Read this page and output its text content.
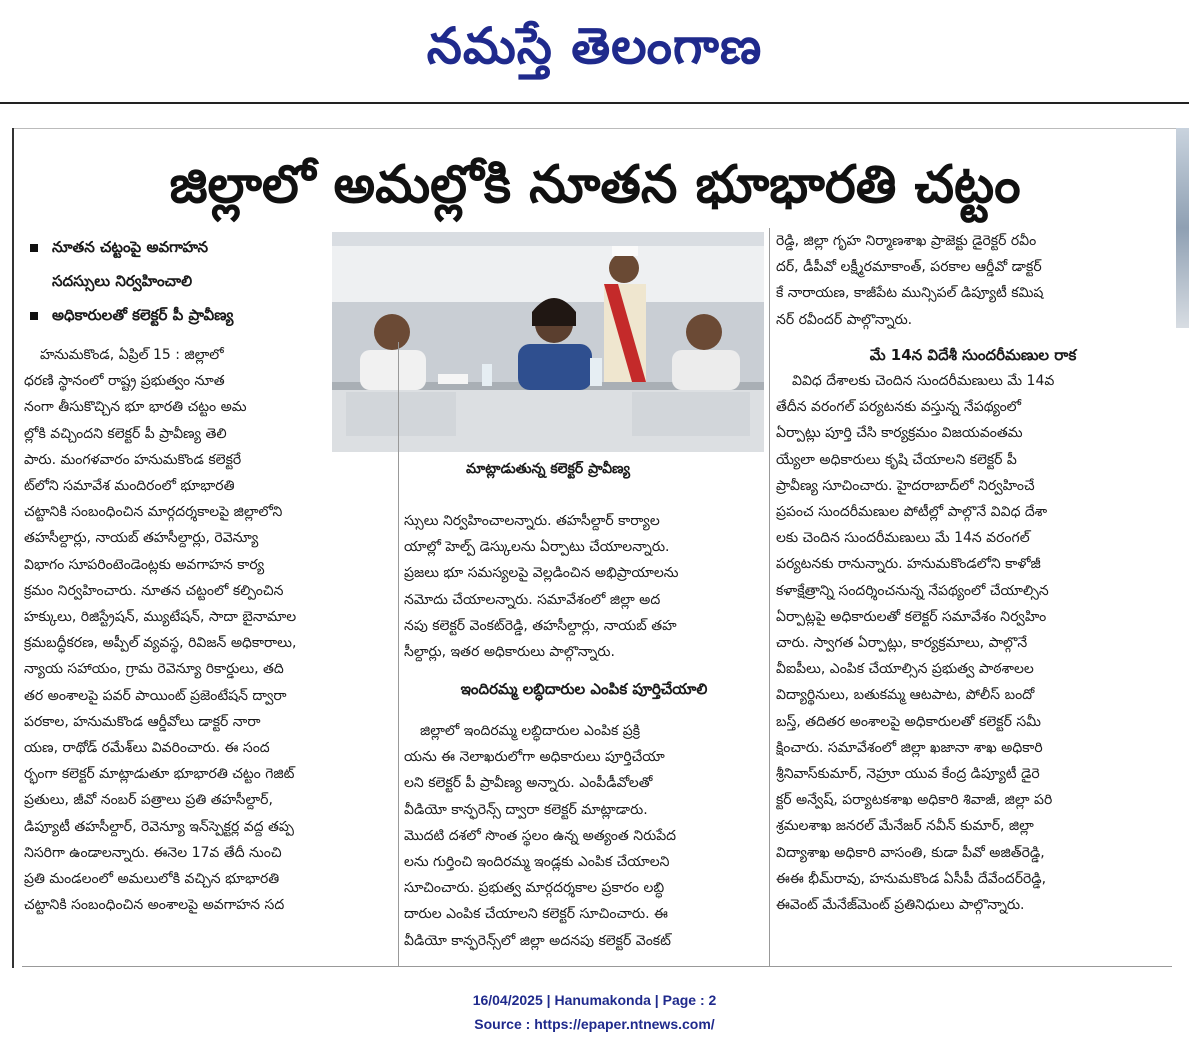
నమస్తే తెలంగాణ
జిల్లాలో అమల్లోకి నూతన భూభారతి చట్టం
నూతన చట్టంపై అవగాహన
సదస్సులు నిర్వహించాలి
అధికారులతో కలెక్టర్ పీ ప్రావీణ్య
మాట్లాడుతున్న కలెక్టర్ ప్రావీణ్య
హనుమకొండ, ఏప్రిల్ 15 : జిల్లాలో
ధరణి స్థానంలో రాష్ట్ర ప్రభుత్వం నూత
నంగా తీసుకొచ్చిన భూ భారతి చట్టం అమ
ల్లోకి వచ్చిందని కలెక్టర్ పీ ప్రావీణ్య తెలి
పారు. మంగళవారం హనుమకొండ కలెక్టరే
ట్‌లోని సమావేశ మందిరంలో భూభారతి
చట్టానికి సంబంధించిన మార్గదర్శకాలపై జిల్లాలోని
తహసీల్దార్లు, నాయబ్ తహసీల్దార్లు, రెవెన్యూ
విభాగం సూపరింటెండెంట్లకు అవగాహన కార్య
క్రమం నిర్వహించారు. నూతన చట్టంలో కల్పించిన
హక్కులు, రిజిస్ట్రేషన్, మ్యుటేషన్, సాదా బైనామాల
క్రమబద్ధీకరణ, అప్పీల్ వ్యవస్థ, రివిజన్ అధికారాలు,
న్యాయ సహాయం, గ్రామ రెవెన్యూ రికార్డులు, తది
తర అంశాలపై పవర్ పాయింట్ ప్రజెంటేషన్ ద్వారా
పరకాల, హనుమకొండ ఆర్డీవోలు డాక్టర్ నారా
యణ, రాథోడ్ రమేశ్‌లు వివరించారు. ఈ సంద
ర్భంగా కలెక్టర్ మాట్లాడుతూ భూభారతి చట్టం గెజిట్
ప్రతులు, జీవో నంబర్ పత్రాలు ప్రతి తహసీల్దార్,
డిప్యూటీ తహసీల్దార్, రెవెన్యూ ఇన్‌స్పెక్టర్ల వద్ద తప్ప
నిసరిగా ఉండాలన్నారు. ఈనెల 17వ తేదీ నుంచి
ప్రతి మండలంలో అమలులోకి వచ్చిన భూభారతి
చట్టానికి సంబంధించిన అంశాలపై అవగాహన సద
స్సులు నిర్వహించాలన్నారు. తహసీల్దార్ కార్యాల
యాల్లో హెల్ప్ డెస్కులను ఏర్పాటు చేయాలన్నారు.
ప్రజలు భూ సమస్యలపై వెల్లడించిన అభిప్రాయాలను
నమోదు చేయాలన్నారు. సమావేశంలో జిల్లా అద
నపు కలెక్టర్ వెంకట్‌రెడ్డి, తహసీల్దార్లు, నాయబ్ తహ
సీల్దార్లు, ఇతర అధికారులు పాల్గొన్నారు.
ఇందిరమ్మ లబ్ధిదారుల ఎంపిక పూర్తిచేయాలి
జిల్లాలో ఇందిరమ్మ లబ్ధిదారుల ఎంపిక ప్రక్రి
యను ఈ నెలాఖరులోగా అధికారులు పూర్తిచేయా
లని కలెక్టర్ పీ ప్రావీణ్య అన్నారు. ఎంపీడీవోలతో
వీడియో కాన్ఫరెన్స్ ద్వారా కలెక్టర్ మాట్లాడారు.
మొదటి దశలో సొంత స్థలం ఉన్న అత్యంత నిరుపేద
లను గుర్తించి ఇందిరమ్మ ఇండ్లకు ఎంపిక చేయాలని
సూచించారు. ప్రభుత్వ మార్గదర్శకాల ప్రకారం లబ్ధి
దారుల ఎంపిక చేయాలని కలెక్టర్ సూచించారు. ఈ
వీడియో కాన్ఫరెన్స్‌లో జిల్లా అదనపు కలెక్టర్ వెంకట్
రెడ్డి, జిల్లా గృహ నిర్మాణశాఖ ప్రాజెక్టు డైరెక్టర్ రవీం
దర్, డీపీవో లక్ష్మీరమాకాంత్, పరకాల ఆర్డీవో డాక్టర్
కే నారాయణ, కాజీపేట మున్సిపల్ డిప్యూటీ కమిష
నర్ రవీందర్ పాల్గొన్నారు.
మే 14న విదేశీ సుందరీమణుల రాక
వివిధ దేశాలకు చెందిన సుందరీమణులు మే 14వ
తేదీన వరంగల్ పర్యటనకు వస్తున్న నేపథ్యంలో
ఏర్పాట్లు పూర్తి చేసి కార్యక్రమం విజయవంతమ
య్యేలా అధికారులు కృషి చేయాలని కలెక్టర్ పీ
ప్రావీణ్య సూచించారు. హైదరాబాద్‌లో నిర్వహించే
ప్రపంచ సుందరీమణుల పోటీల్లో పాల్గొనే వివిధ దేశా
లకు చెందిన సుందరీమణులు మే 14న వరంగల్
పర్యటనకు రానున్నారు. హనుమకొండలోని కాళోజీ
కళాక్షేత్రాన్ని సందర్శించనున్న నేపథ్యంలో చేయాల్సిన
ఏర్పాట్లపై అధికారులతో కలెక్టర్ సమావేశం నిర్వహిం
చారు. స్వాగత ఏర్పాట్లు, కార్యక్రమాలు, పాల్గొనే
వీఐపీలు, ఎంపిక చేయాల్సిన ప్రభుత్వ పాఠశాలల
విద్యార్థినులు, బతుకమ్మ ఆటపాట, పోలీస్ బందో
బస్త్, తదితర అంశాలపై అధికారులతో కలెక్టర్ సమీ
క్షించారు. సమావేశంలో జిల్లా ఖజానా శాఖ అధికారి
శ్రీనివాస్‌కుమార్, నెహ్రూ యువ కేంద్ర డిప్యూటీ డైరె
క్టర్ అన్వేష్, పర్యాటకశాఖ అధికారి శివాజీ, జిల్లా పరి
శ్రమలశాఖ జనరల్ మేనేజర్ నవీన్ కుమార్, జిల్లా
విద్యాశాఖ అధికారి వాసంతి, కుడా పీవో అజిత్‌రెడ్డి,
ఈఈ భీమ్‌రావు, హనుమకొండ ఏసీపీ దేవేందర్‌రెడ్డి,
ఈవెంట్ మేనేజ్‌మెంట్ ప్రతినిధులు పాల్గొన్నారు.
16/04/2025 | Hanumakonda | Page : 2
Source : https://epaper.ntnews.com/
